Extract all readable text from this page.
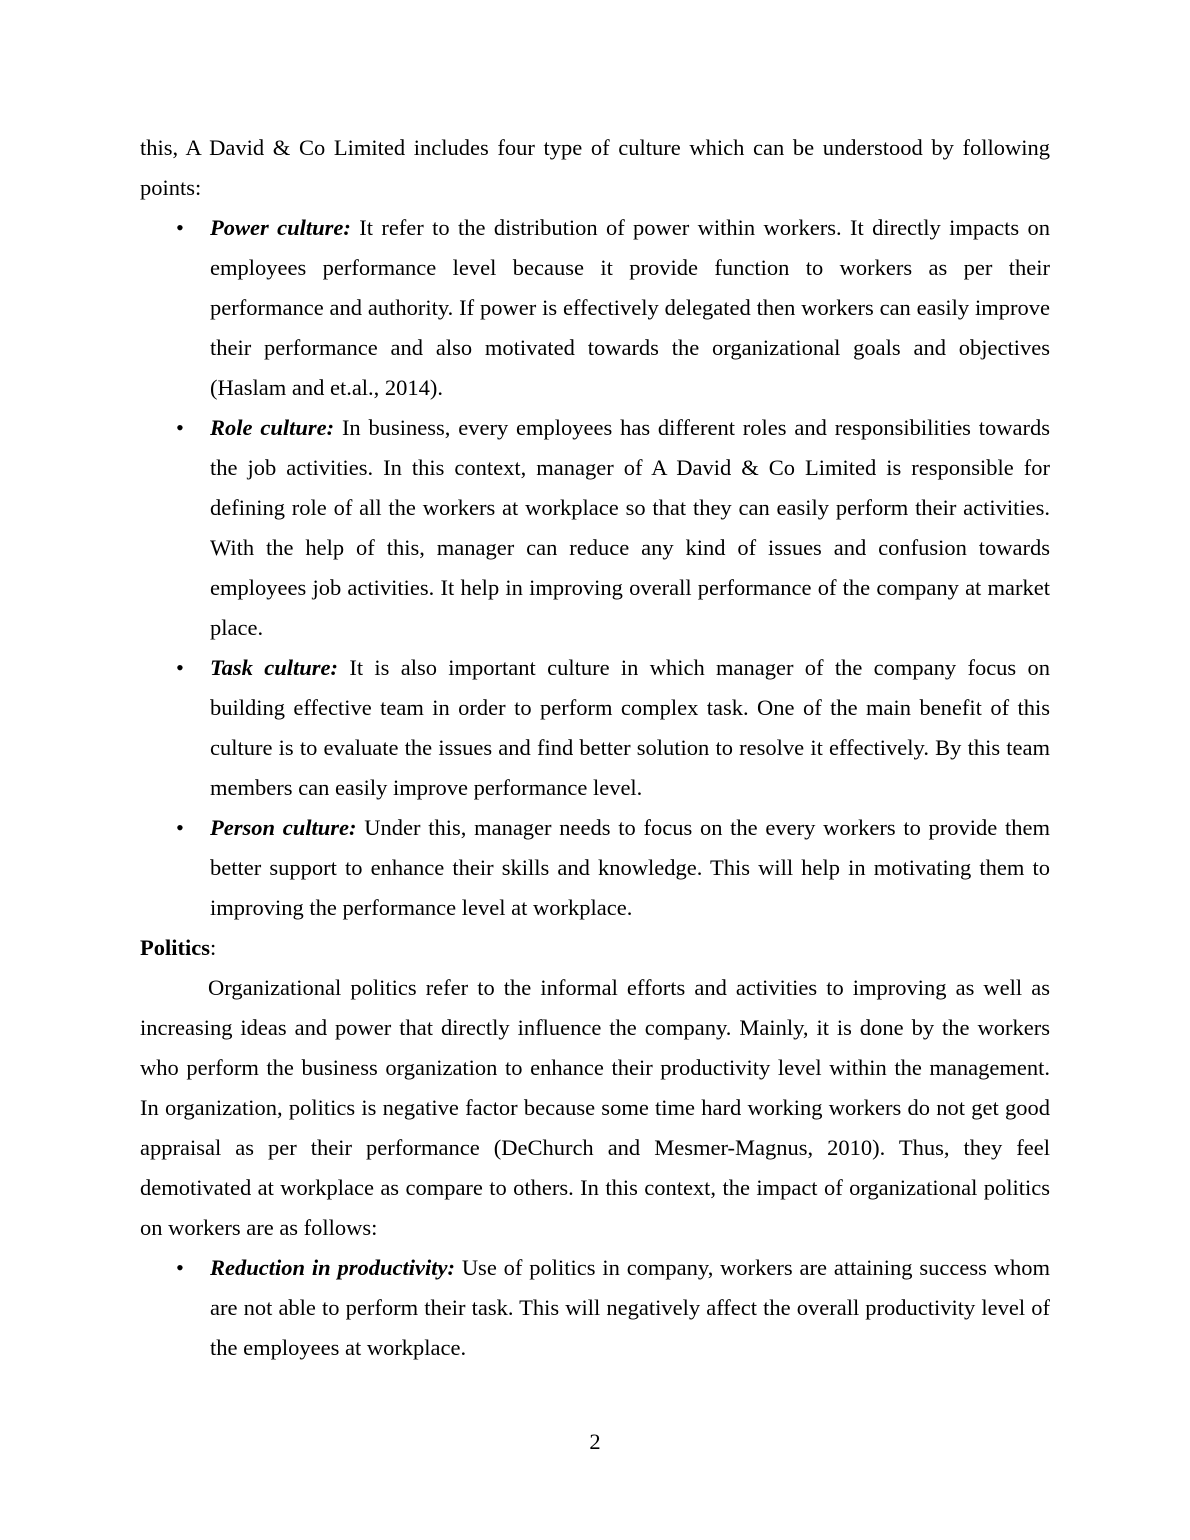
this, A David & Co Limited includes four type of culture which can be understood by following points:

• Power culture: It refer to the distribution of power within workers. It directly impacts on employees performance level because it provide function to workers as per their performance and authority. If power is effectively delegated then workers can easily improve their performance and also motivated towards the organizational goals and objectives (Haslam and et.al., 2014).
• Role culture: In business, every employees has different roles and responsibilities towards the job activities. In this context, manager of A David & Co Limited is responsible for defining role of all the workers at workplace so that they can easily perform their activities. With the help of this, manager can reduce any kind of issues and confusion towards employees job activities. It help in improving overall performance of the company at market place.
• Task culture: It is also important culture in which manager of the company focus on building effective team in order to perform complex task. One of the main benefit of this culture is to evaluate the issues and find better solution to resolve it effectively. By this team members can easily improve performance level.
• Person culture: Under this, manager needs to focus on the every workers to provide them better support to enhance their skills and knowledge. This will help in motivating them to improving the performance level at workplace.

Politics:

Organizational politics refer to the informal efforts and activities to improving as well as increasing ideas and power that directly influence the company. Mainly, it is done by the workers who perform the business organization to enhance their productivity level within the management. In organization, politics is negative factor because some time hard working workers do not get good appraisal as per their performance (DeChurch and Mesmer-Magnus, 2010). Thus, they feel demotivated at workplace as compare to others. In this context, the impact of organizational politics on workers are as follows:

• Reduction in productivity: Use of politics in company, workers are attaining success whom are not able to perform their task. This will negatively affect the overall productivity level of the employees at workplace.
2
